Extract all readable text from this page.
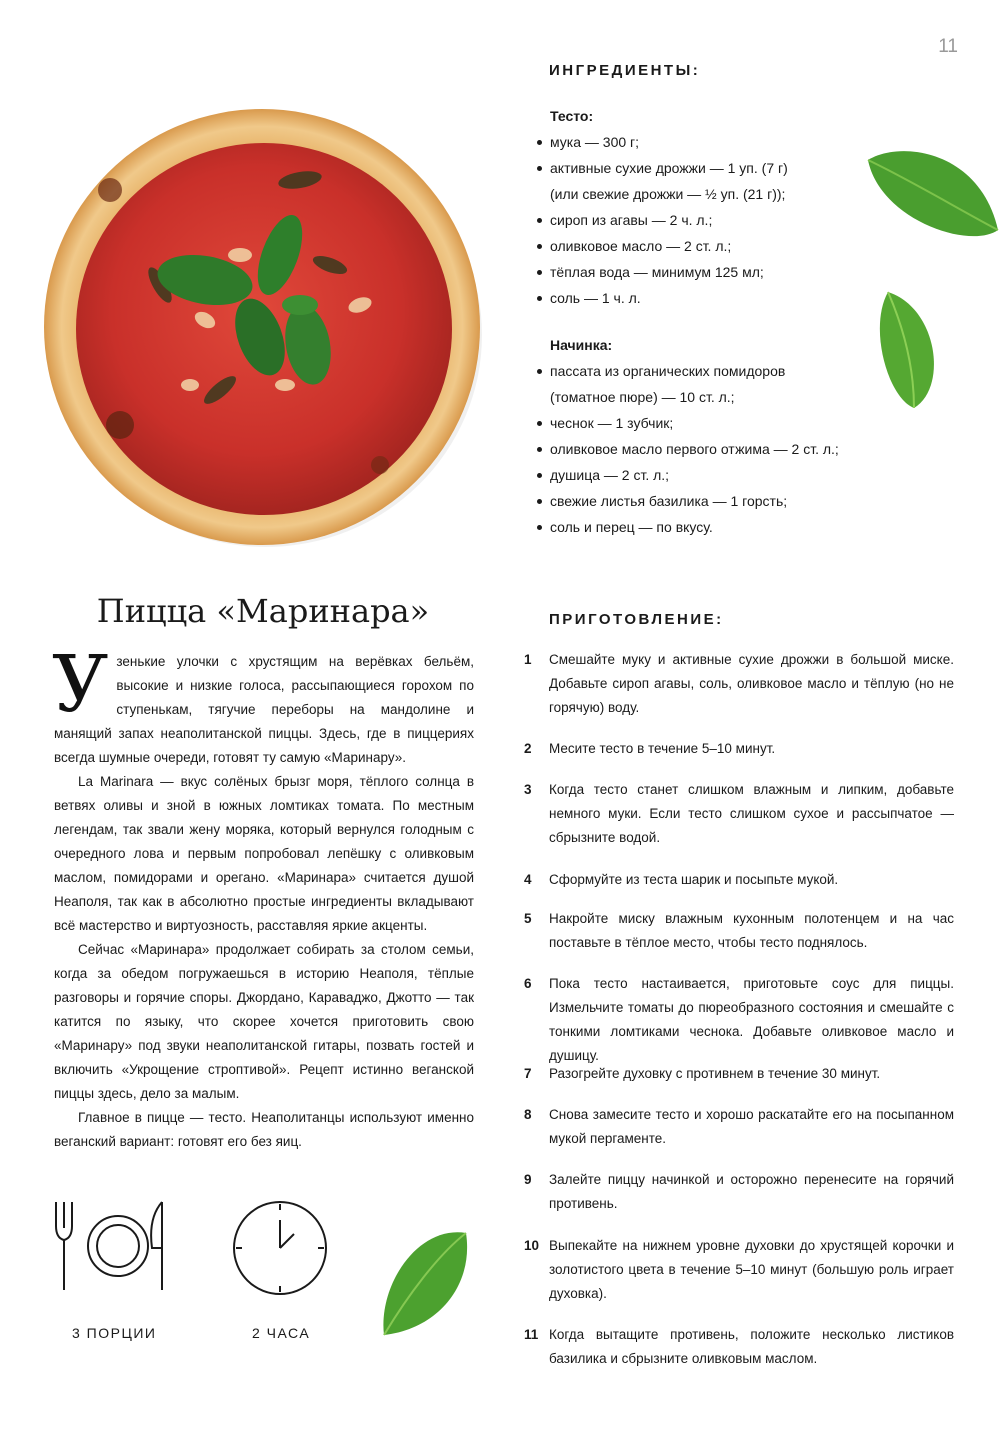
11
ИНГРЕДИЕНТЫ:
Тесто:
мука — 300 г;
активные сухие дрожжи — 1 уп. (7 г)
(или свежие дрожжи — ½ уп. (21 г));
сироп из агавы — 2 ч. л.;
оливковое масло — 2 ст. л.;
тёплая вода — минимум 125 мл;
соль — 1 ч. л.
Начинка:
пассата из органических помидоров
(томатное пюре) — 10 ст. л.;
чеснок — 1 зубчик;
оливковое масло первого отжима — 2 ст. л.;
душица — 2 ст. л.;
свежие листья базилика — 1 горсть;
соль и перец — по вкусу.
Пицца «Маринара»

Узенькие улочки с хрустящим на верёвках бельём, высокие и низкие голоса, рассыпающиеся горохом по ступенькам, тягучие переборы на мандолине и манящий запах неаполитанской пиццы. Здесь, где в пиццериях всегда шумные очереди, готовят ту самую «Маринару».

La Marinara — вкус солёных брызг моря, тёплого солнца в ветвях оливы и зной в южных ломтиках томата. По местным легендам, так звали жену моряка, который вернулся голодным с очередного лова и первым попробовал лепёшку с оливковым маслом, помидорами и орегано. «Маринара» считается душой Неаполя, так как в абсолютно простые ингредиенты вкладывают всё мастерство и виртуозность, расставляя яркие акценты.

Сейчас «Маринара» продолжает собирать за столом семьи, когда за обедом погружаешься в историю Неаполя, тёплые разговоры и горячие споры. Джордано, Караваджо, Джотто — так катится по языку, что скорее хочется приготовить свою «Маринару» под звуки неаполитанской гитары, позвать гостей и включить «Укрощение строптивой». Рецепт истинно веганской пиццы здесь, дело за малым.

Главное в пицце — тесто. Неаполитанцы используют именно веганский вариант: готовят его без яиц.

3 ПОРЦИИ	2 ЧАСА
ПРИГОТОВЛЕНИЕ:
1	Смешайте муку и активные сухие дрожжи в большой миске. Добавьте сироп агавы, соль, оливковое масло и тёплую (но не горячую) воду.
2	Месите тесто в течение 5–10 минут.
3	Когда тесто станет слишком влажным и липким, добавьте немного муки. Если тесто слишком сухое и рассыпчатое — сбрызните водой.
4	Сформуйте из теста шарик и посыпьте мукой.
5	Накройте миску влажным кухонным полотенцем и на час поставьте в тёплое место, чтобы тесто поднялось.
6	Пока тесто настаивается, приготовьте соус для пиццы. Измельчите томаты до пюреобразного состояния и смешайте с тонкими ломтиками чеснока. Добавьте оливковое масло и душицу.
7	Разогрейте духовку с противнем в течение 30 минут.
8	Снова замесите тесто и хорошо раскатайте его на посыпанном мукой пергаменте.
9	Залейте пиццу начинкой и осторожно перенесите на горячий противень.
10 Выпекайте на нижнем уровне духовки до хрустящей корочки и золотистого цвета в течение 5–10 минут (большую роль играет духовка).
11 Когда вытащите противень, положите несколько листиков базилика и сбрызните оливковым маслом.
